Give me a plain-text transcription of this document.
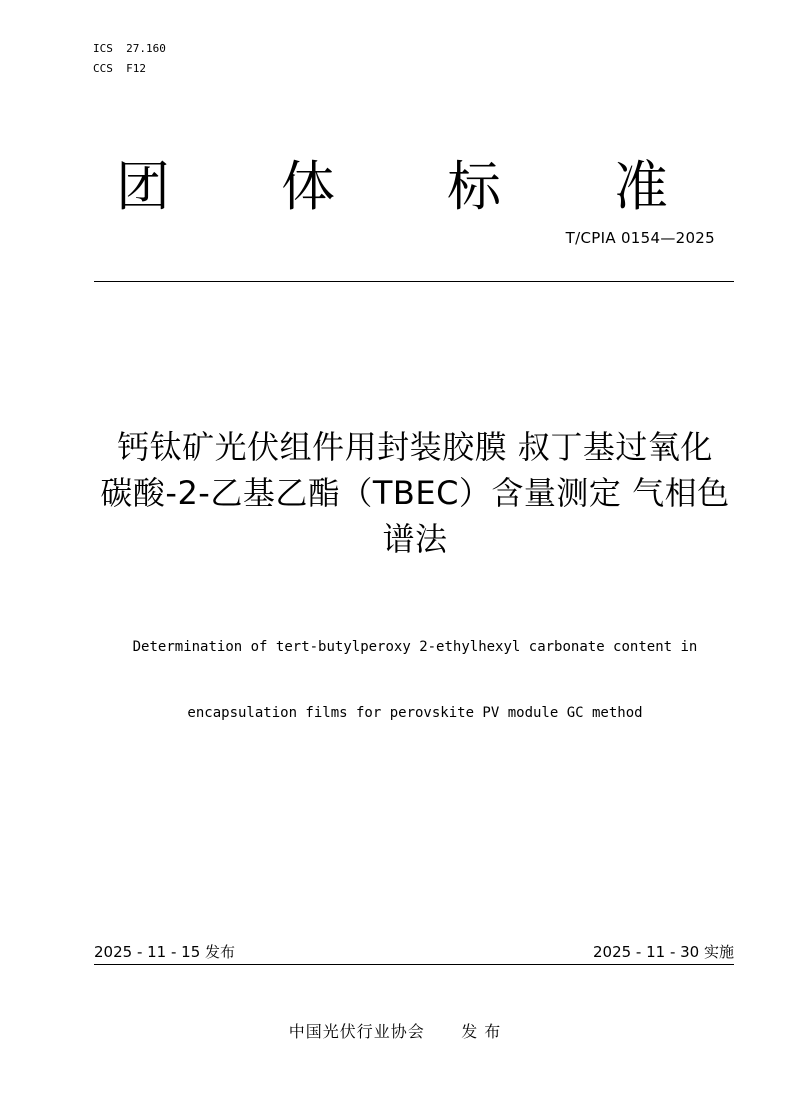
ICS  27.160
CCS  F12
团 体 标 准
T/CPIA 0154—2025
钙钛矿光伏组件用封装胶膜 叔丁基过氧化
碳酸-2-乙基乙酯（TBEC）含量测定 气相色
谱法

Determination of tert-butylperoxy 2-ethylhexyl carbonate content in

encapsulation films for perovskite PV module GC method

2025 - 11 - 15 发布	2025 - 11 - 30 实施
中国光伏行业协会 发 布
